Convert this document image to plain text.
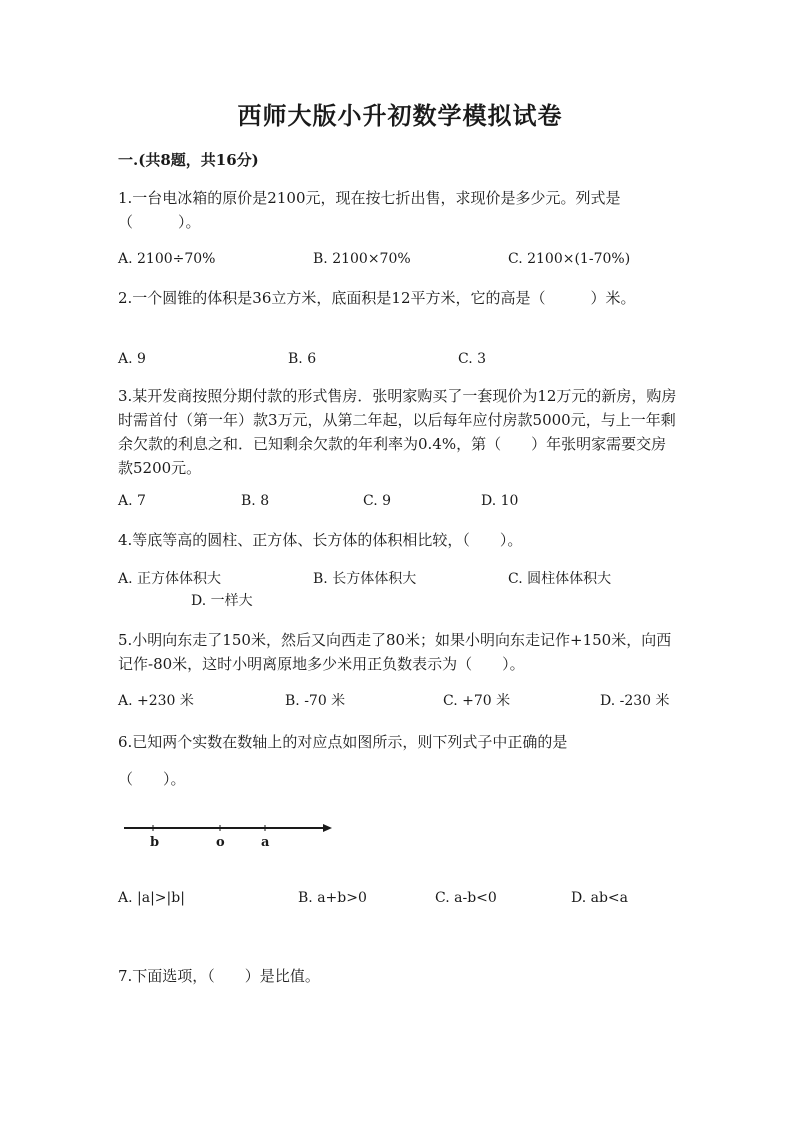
西师大版小升初数学模拟试卷
一.(共8题，共16分)
1.一台电冰箱的原价是2100元，现在按七折出售，求现价是多少元。列式是（　　　）。
A. 2100÷70%	B. 2100×70%	C. 2100×(1-70%)
2.一个圆锥的体积是36立方米，底面积是12平方米，它的高是（　　　）米。
A. 9	B. 6	C. 3
3.某开发商按照分期付款的形式售房．张明家购买了一套现价为12万元的新房，购房时需首付（第一年）款3万元，从第二年起，以后每年应付房款5000元，与上一年剩余欠款的利息之和．已知剩余欠款的年利率为0.4%，第（　　）年张明家需要交房款5200元。
A. 7	B. 8	C. 9	D. 10
4.等底等高的圆柱、正方体、长方体的体积相比较，（　　）。
A. 正方体体积大	B. 长方体体积大	C. 圆柱体体积大
D. 一样大
5.小明向东走了150米，然后又向西走了80米；如果小明向东走记作+150米，向西记作-80米，这时小明离原地多少米用正负数表示为（　　）。
A. +230 米	B. -70 米	C. +70 米	D. -230 米
6.已知两个实数在数轴上的对应点如图所示，则下列式子中正确的是
（　　）。
b	o	a
A. |a|>|b|	B. a+b>0	C. a-b<0	D. ab<a
7.下面选项，（　　）是比值。
